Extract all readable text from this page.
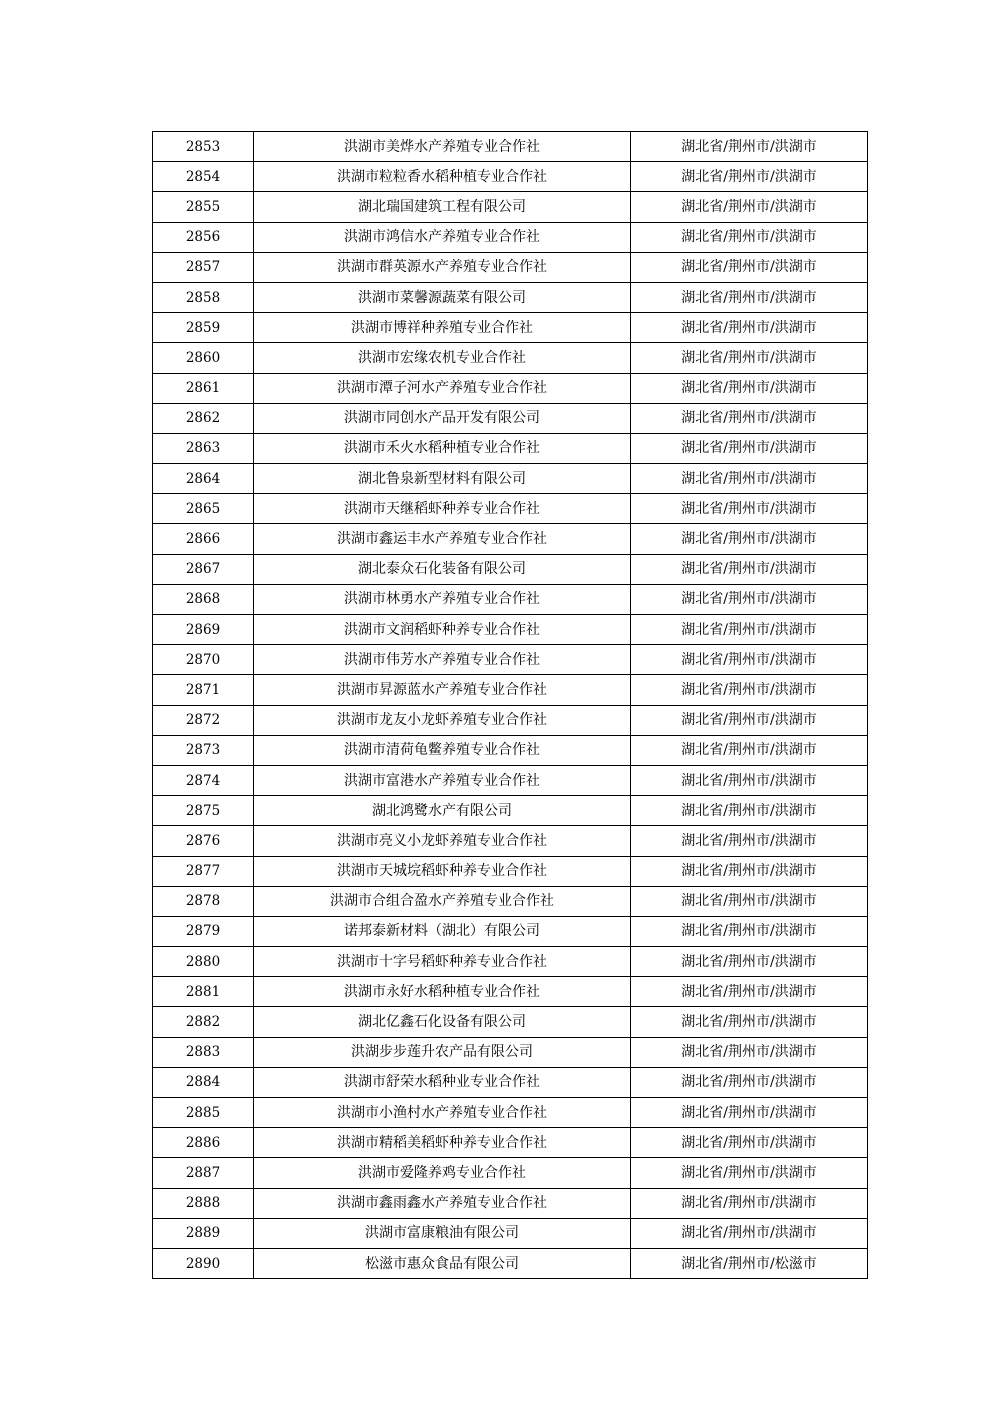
2853	洪湖市美烨水产养殖专业合作社	湖北省/荆州市/洪湖市
2854	洪湖市粒粒香水稻种植专业合作社	湖北省/荆州市/洪湖市
2855	湖北瑞国建筑工程有限公司	湖北省/荆州市/洪湖市
2856	洪湖市鸿信水产养殖专业合作社	湖北省/荆州市/洪湖市
2857	洪湖市群英源水产养殖专业合作社	湖北省/荆州市/洪湖市
2858	洪湖市菜馨源蔬菜有限公司	湖北省/荆州市/洪湖市
2859	洪湖市博祥种养殖专业合作社	湖北省/荆州市/洪湖市
2860	洪湖市宏缘农机专业合作社	湖北省/荆州市/洪湖市
2861	洪湖市潭子河水产养殖专业合作社	湖北省/荆州市/洪湖市
2862	洪湖市同创水产品开发有限公司	湖北省/荆州市/洪湖市
2863	洪湖市禾火水稻种植专业合作社	湖北省/荆州市/洪湖市
2864	湖北鲁泉新型材料有限公司	湖北省/荆州市/洪湖市
2865	洪湖市天继稻虾种养专业合作社	湖北省/荆州市/洪湖市
2866	洪湖市鑫运丰水产养殖专业合作社	湖北省/荆州市/洪湖市
2867	湖北泰众石化装备有限公司	湖北省/荆州市/洪湖市
2868	洪湖市林勇水产养殖专业合作社	湖北省/荆州市/洪湖市
2869	洪湖市文润稻虾种养专业合作社	湖北省/荆州市/洪湖市
2870	洪湖市伟芳水产养殖专业合作社	湖北省/荆州市/洪湖市
2871	洪湖市昇源蓝水产养殖专业合作社	湖北省/荆州市/洪湖市
2872	洪湖市龙友小龙虾养殖专业合作社	湖北省/荆州市/洪湖市
2873	洪湖市清荷龟鳖养殖专业合作社	湖北省/荆州市/洪湖市
2874	洪湖市富港水产养殖专业合作社	湖北省/荆州市/洪湖市
2875	湖北鸿鹭水产有限公司	湖北省/荆州市/洪湖市
2876	洪湖市亮义小龙虾养殖专业合作社	湖北省/荆州市/洪湖市
2877	洪湖市天城垸稻虾种养专业合作社	湖北省/荆州市/洪湖市
2878	洪湖市合组合盈水产养殖专业合作社	湖北省/荆州市/洪湖市
2879	诺邦泰新材料（湖北）有限公司	湖北省/荆州市/洪湖市
2880	洪湖市十字号稻虾种养专业合作社	湖北省/荆州市/洪湖市
2881	洪湖市永好水稻种植专业合作社	湖北省/荆州市/洪湖市
2882	湖北亿鑫石化设备有限公司	湖北省/荆州市/洪湖市
2883	洪湖步步莲升农产品有限公司	湖北省/荆州市/洪湖市
2884	洪湖市舒荣水稻种业专业合作社	湖北省/荆州市/洪湖市
2885	洪湖市小渔村水产养殖专业合作社	湖北省/荆州市/洪湖市
2886	洪湖市精稻美稻虾种养专业合作社	湖北省/荆州市/洪湖市
2887	洪湖市爱隆养鸡专业合作社	湖北省/荆州市/洪湖市
2888	洪湖市鑫雨鑫水产养殖专业合作社	湖北省/荆州市/洪湖市
2889	洪湖市富康粮油有限公司	湖北省/荆州市/洪湖市
2890	松滋市惠众食品有限公司	湖北省/荆州市/松滋市
